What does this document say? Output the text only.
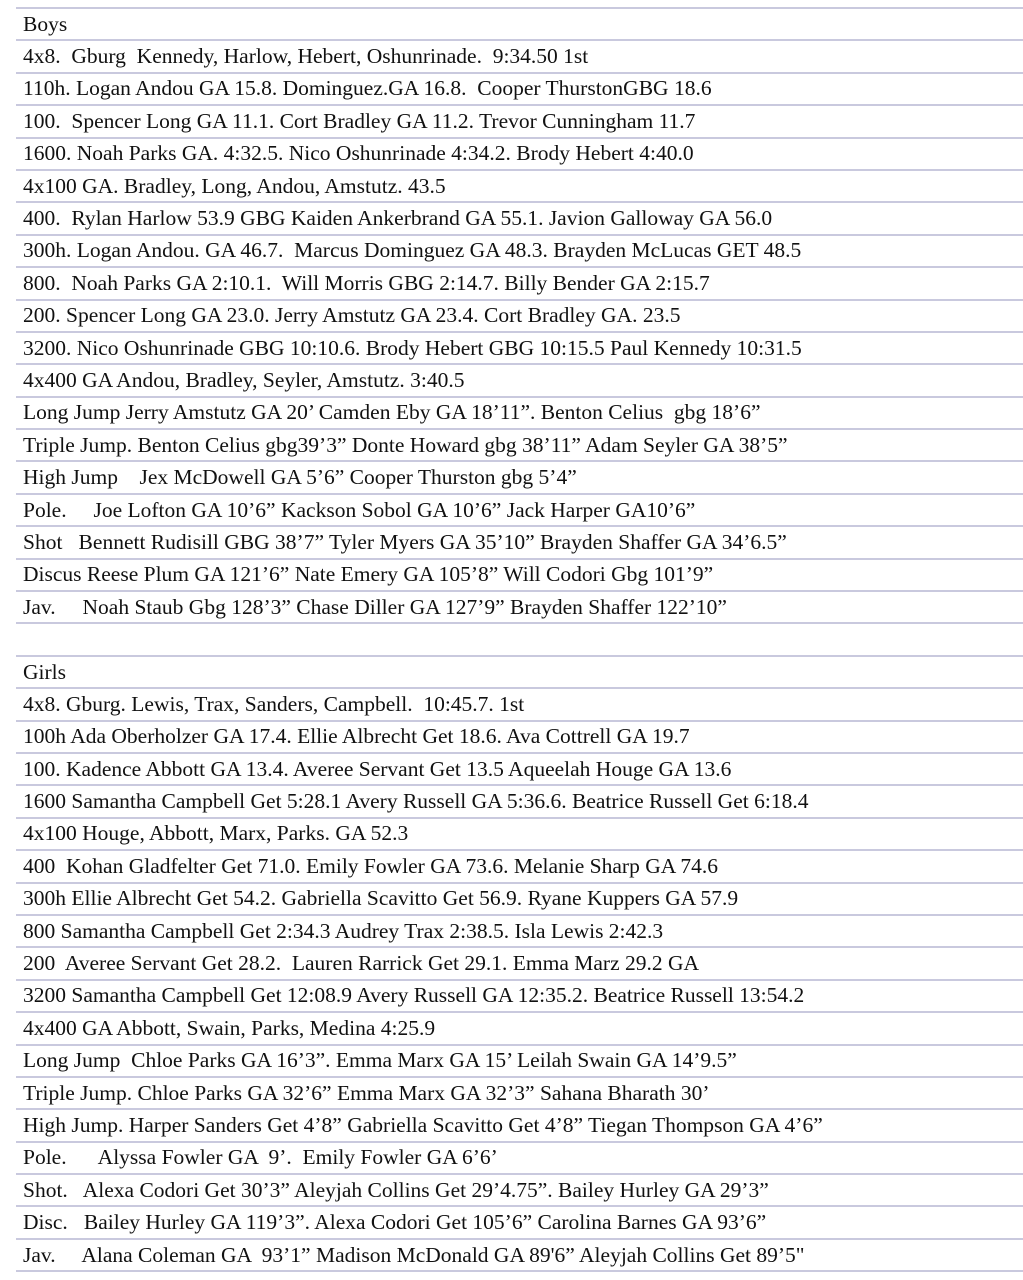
Boys
4x8.  Gburg  Kennedy, Harlow, Hebert, Oshunrinade.  9:34.50 1st
110h. Logan Andou GA 15.8. Dominguez.GA 16.8.  Cooper ThurstonGBG 18.6
100.  Spencer Long GA 11.1. Cort Bradley GA 11.2. Trevor Cunningham 11.7
1600. Noah Parks GA. 4:32.5. Nico Oshunrinade 4:34.2. Brody Hebert 4:40.0
4x100 GA. Bradley, Long, Andou, Amstutz. 43.5
400.  Rylan Harlow 53.9 GBG Kaiden Ankerbrand GA 55.1. Javion Galloway GA 56.0
300h. Logan Andou. GA 46.7.  Marcus Dominguez GA 48.3. Brayden McLucas GET 48.5
800.  Noah Parks GA 2:10.1.  Will Morris GBG 2:14.7. Billy Bender GA 2:15.7
200. Spencer Long GA 23.0. Jerry Amstutz GA 23.4. Cort Bradley GA. 23.5
3200. Nico Oshunrinade GBG 10:10.6. Brody Hebert GBG 10:15.5 Paul Kennedy 10:31.5
4x400 GA Andou, Bradley, Seyler, Amstutz. 3:40.5
Long Jump Jerry Amstutz GA 20’ Camden Eby GA 18’11”. Benton Celius  gbg 18’6”
Triple Jump. Benton Celius gbg39’3” Donte Howard gbg 38’11” Adam Seyler GA 38’5”
High Jump    Jex McDowell GA 5’6” Cooper Thurston gbg 5’4”
Pole.     Joe Lofton GA 10’6” Kackson Sobol GA 10’6” Jack Harper GA10’6”
Shot   Bennett Rudisill GBG 38’7” Tyler Myers GA 35’10” Brayden Shaffer GA 34’6.5”
Discus Reese Plum GA 121’6” Nate Emery GA 105’8” Will Codori Gbg 101’9”
Jav.     Noah Staub Gbg 128’3” Chase Diller GA 127’9” Brayden Shaffer 122’10”
Girls
4x8. Gburg. Lewis, Trax, Sanders, Campbell.  10:45.7. 1st
100h Ada Oberholzer GA 17.4. Ellie Albrecht Get 18.6. Ava Cottrell GA 19.7
100. Kadence Abbott GA 13.4. Averee Servant Get 13.5 Aqueelah Houge GA 13.6
1600 Samantha Campbell Get 5:28.1 Avery Russell GA 5:36.6. Beatrice Russell Get 6:18.4
4x100 Houge, Abbott, Marx, Parks. GA 52.3
400  Kohan Gladfelter Get 71.0. Emily Fowler GA 73.6. Melanie Sharp GA 74.6
300h Ellie Albrecht Get 54.2. Gabriella Scavitto Get 56.9. Ryane Kuppers GA 57.9
800 Samantha Campbell Get 2:34.3 Audrey Trax 2:38.5. Isla Lewis 2:42.3
200  Averee Servant Get 28.2.  Lauren Rarrick Get 29.1. Emma Marz 29.2 GA
3200 Samantha Campbell Get 12:08.9 Avery Russell GA 12:35.2. Beatrice Russell 13:54.2
4x400 GA Abbott, Swain, Parks, Medina 4:25.9
Long Jump  Chloe Parks GA 16’3”. Emma Marx GA 15’ Leilah Swain GA 14’9.5”
Triple Jump. Chloe Parks GA 32’6” Emma Marx GA 32’3” Sahana Bharath 30’
High Jump. Harper Sanders Get 4’8” Gabriella Scavitto Get 4’8” Tiegan Thompson GA 4’6”
Pole.      Alyssa Fowler GA  9’.  Emily Fowler GA 6’6’
Shot.   Alexa Codori Get 30’3” Aleyjah Collins Get 29’4.75”. Bailey Hurley GA 29’3”
Disc.   Bailey Hurley GA 119’3”. Alexa Codori Get 105’6” Carolina Barnes GA 93’6”
Jav.     Alana Coleman GA  93’1” Madison McDonald GA 89'6” Aleyjah Collins Get 89’5"
